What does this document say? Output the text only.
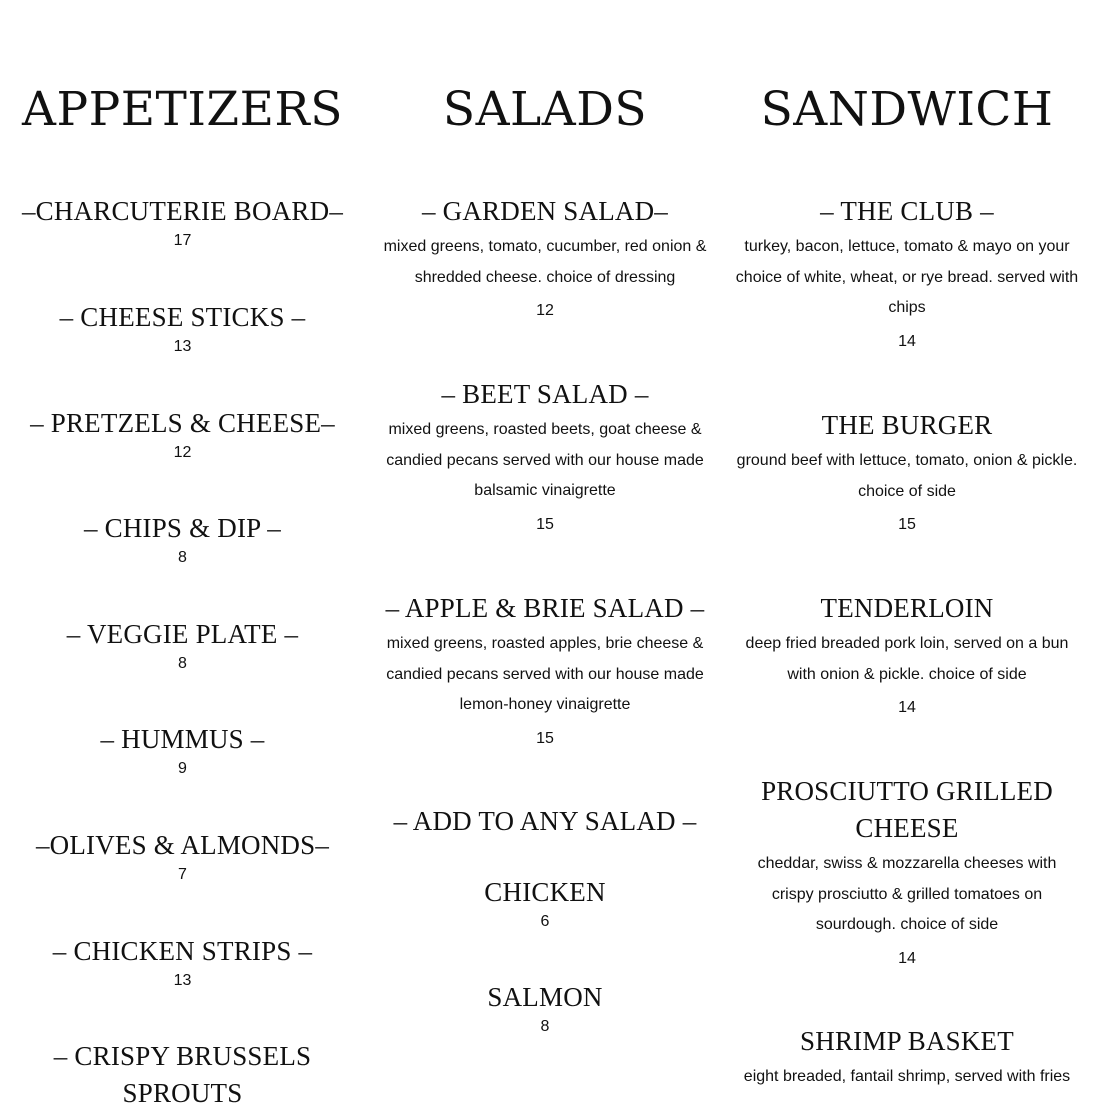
APPETIZERS
–CHARCUTERIE BOARD–
17
– CHEESE STICKS –
13
– PRETZELS & CHEESE–
12
– CHIPS & DIP –
8
– VEGGIE PLATE –
8
– HUMMUS –
9
–OLIVES & ALMONDS–
7
– CHICKEN STRIPS –
13
– CRISPY BRUSSELS SPROUTS
SALADS
– GARDEN SALAD–
mixed greens, tomato, cucumber, red onion & shredded cheese. choice of dressing
12
– BEET SALAD –
mixed greens, roasted beets, goat cheese & candied pecans served with our house made balsamic vinaigrette
15
– APPLE & BRIE SALAD –
mixed greens, roasted apples, brie cheese & candied pecans served with our house made lemon-honey vinaigrette
15
– ADD TO ANY SALAD –
CHICKEN
6
SALMON
8
SANDWICH
– THE CLUB –
turkey, bacon, lettuce, tomato & mayo on your choice of white, wheat, or rye bread. served with chips
14
THE BURGER
ground beef with lettuce, tomato, onion & pickle. choice of side
15
TENDERLOIN
deep fried breaded pork loin, served on a bun with onion & pickle. choice of side
14
PROSCIUTTO GRILLED CHEESE
cheddar, swiss & mozzarella cheeses with crispy prosciutto & grilled tomatoes on sourdough. choice of side
14
SHRIMP BASKET
eight breaded, fantail shrimp, served with fries
